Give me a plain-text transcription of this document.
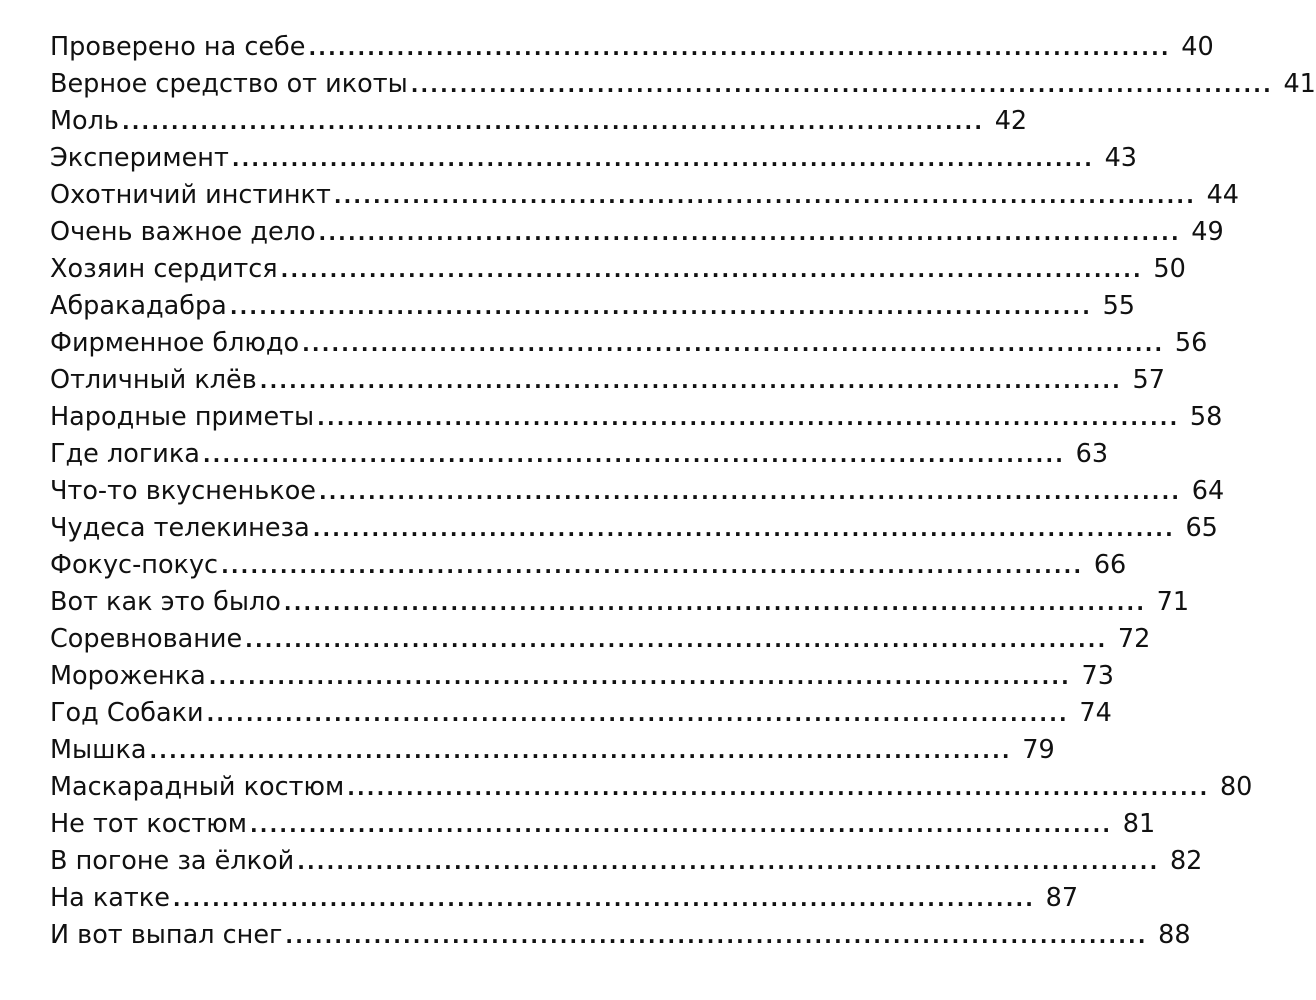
Проверено на себе ........................................................................................ 40
Верное средство от икоты ........................................................................................ 41
Моль ........................................................................................ 42
Эксперимент ........................................................................................ 43
Охотничий инстинкт ........................................................................................ 44
Очень важное дело ........................................................................................ 49
Хозяин сердится ........................................................................................ 50
Абракадабра ........................................................................................ 55
Фирменное блюдо ........................................................................................ 56
Отличный клёв ........................................................................................ 57
Народные приметы ........................................................................................ 58
Где логика ........................................................................................ 63
Что-то вкусненькое ........................................................................................ 64
Чудеса телекинеза ........................................................................................ 65
Фокус-покус ........................................................................................ 66
Вот как это было ........................................................................................ 71
Соревнование ........................................................................................ 72
Мороженка ........................................................................................ 73
Год Собаки ........................................................................................ 74
Мышка ........................................................................................ 79
Маскарадный костюм ........................................................................................ 80
Не тот костюм ........................................................................................ 81
В погоне за ёлкой ........................................................................................ 82
На катке ........................................................................................ 87
И вот выпал снег ........................................................................................ 88
